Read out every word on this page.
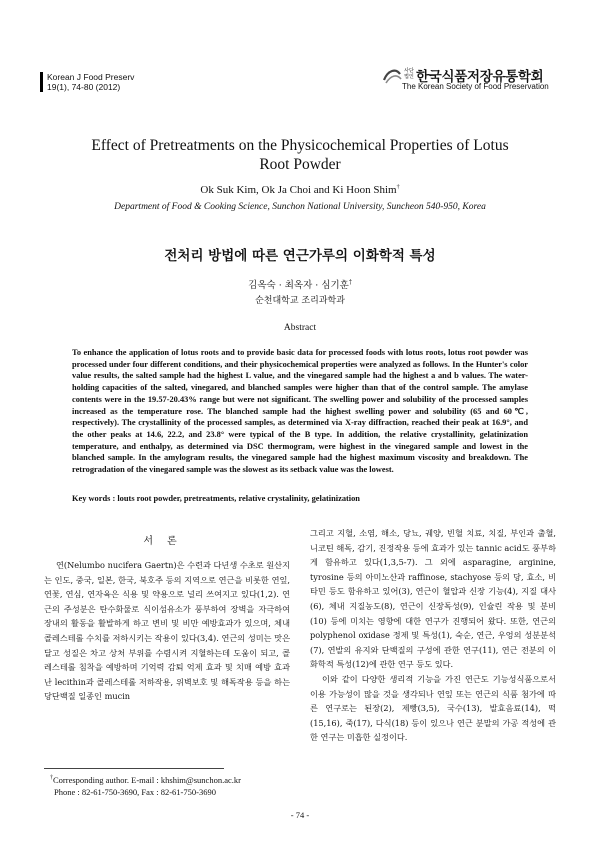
Korean J Food Preserv
19(1), 74-80 (2012)
사단법인 한국식품저장유통학회
The Korean Society of Food Preservation
Effect of Pretreatments on the Physicochemical Properties of Lotus
Root Powder
Ok Suk Kim, Ok Ja Choi and Ki Hoon Shim†
Department of Food & Cooking Science, Sunchon National University, Suncheon 540-950, Korea
전처리 방법에 따른 연근가루의 이화학적 특성
김옥숙 · 최옥자 · 심기훈†
순천대학교 조리과학과
Abstract
To enhance the application of lotus roots and to provide basic data for processed foods with lotus roots, lotus root powder was processed under four different conditions, and their physicochemical properties were analyzed as follows. In the Hunter's color value results, the salted sample had the highest L value, and the vinegared sample had the highest a and b values. The water-holding capacities of the salted, vinegared, and blanched samples were higher than that of the control sample. The amylase contents were in the 19.57-20.43% range but were not significant. The swelling power and solubility of the processed samples increased as the temperature rose. The blanched sample had the highest swelling power and solubility (65 and 60℃, respectively). The crystallinity of the processed samples, as determined via X-ray diffraction, reached their peak at 16.9°, and the other peaks at 14.6, 22.2, and 23.8° were typical of the B type. In addition, the relative crystallinity, gelatinization temperature, and enthalpy, as determined via DSC thermogram, were highest in the vinegared sample and lowest in the blanched sample. In the amylogram results, the vinegared sample had the highest maximum viscosity and breakdown. The retrogradation of the vinegared sample was the slowest as its setback value was the lowest.
Key words : louts root powder, pretreatments, relative crystalinity, gelatinization
서론

연(Nelumbo nucifera Gaertn)은 수련과 다년생 수초로 원산지는 인도, 중국, 일본, 한국, 북호주 등의 지역으로 연근을 비롯한 연잎, 연꽃, 연심, 연자육은 식용 및 약용으로 널리 쓰여지고 있다(1,2). 연근의 주성분은 탄수화물로 식이섬유소가 풍부하여 장벽을 자극하여 장내의 활동을 활발하게 하고 변비 및 비만 예방효과가 있으며, 체내 콜레스테롤 수치를 저하시키는 작용이 있다(3,4). 연근의 성미는 맛은 달고 성질은 차고 상처 부위를 수렴시켜 지혈하는데 도움이 되고, 콜레스테롤 침착을 예방하며 기억력 감퇴 억제 효과 및 치매 예방 효과난 lecithin과 콜레스테롤 저하작용, 위벽보호 및 해독작용 등을 하는 당단백질 일종인 mucin

그리고 지혈, 소염, 해소, 당뇨, 궤양, 빈혈 치료, 치질, 부인과 출혈, 니코틴 해독, 감기, 진정작용 등에 효과가 있는 tannic acid도 풍부하게 함유하고 있다(1,3,5-7). 그 외에 asparagine, arginine, tyrosine 등의 아미노산과 raffinose, stachyose 등의 당, 효소, 비타민 등도 함유하고 있어(3), 연근이 혈압과 신장 기능(4), 지질 대사(6), 체내 지질농도(8), 연근이 신장독성(9), 인슐린 작용 및 분비(10) 등에 미치는 영향에 대한 연구가 진행되어 왔다. 또한, 연근의 polyphenol oxidase 정제 및 특성(1), 숙순, 연근, 우엉의 성분분석(7), 연발의 유지와 단백질의 구성에 관한 연구(11), 연근 전분의 이화학적 특성(12)에 관한 연구 등도 있다.

이와 같이 다양한 생리적 기능을 가진 연근도 기능성식품으로서 이용 가능성이 많을 것을 생각되나 연잎 또는 연근의 식품 첨가에 따른 연구로는 된장(2), 제빵(3,5), 국수(13), 발효음료(14), 떡(15,16), 죽(17), 다식(18) 등이 있으나 연근 분말의 가공 적성에 관한 연구는 미흡한 실정이다.

†Corresponding author. E-mail : khshim@sunchon.ac.kr
Phone : 82-61-750-3690, Fax : 82-61-750-3690
- 74 -
